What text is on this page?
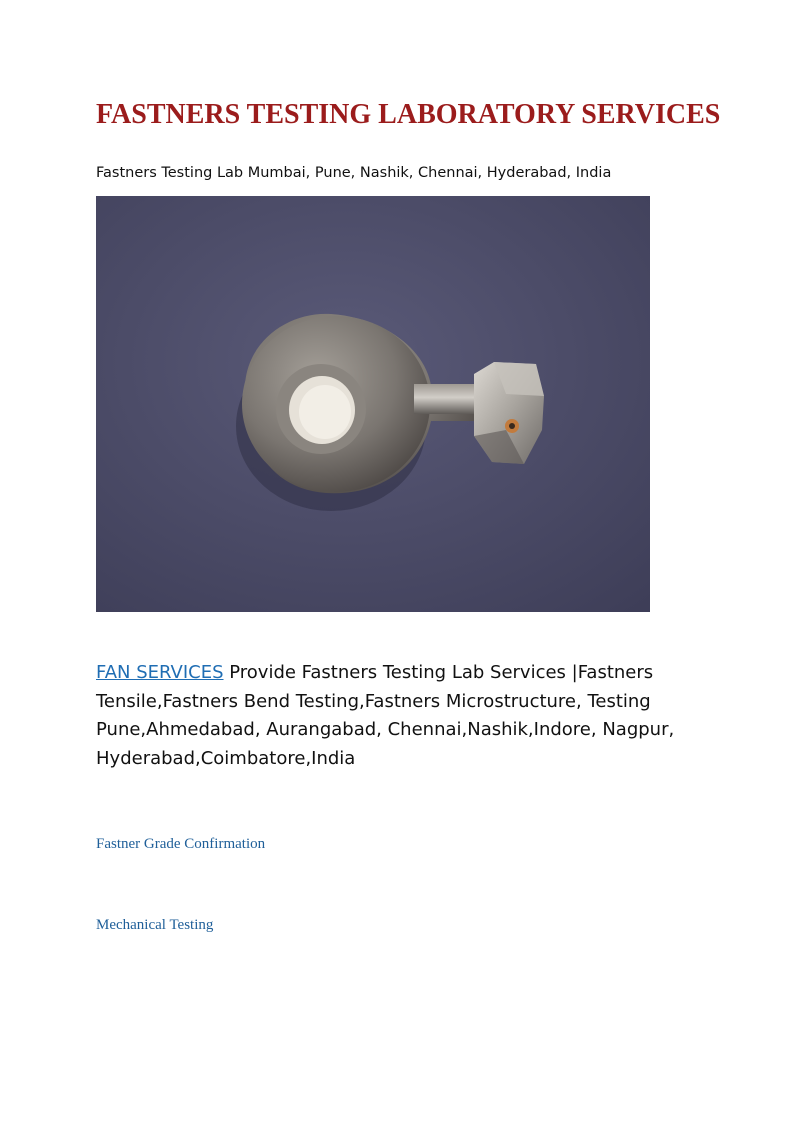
FASTNERS TESTING LABORATORY SERVICES

Fastners Testing Lab Mumbai, Pune, Nashik, Chennai, Hyderabad, India

FAN SERVICES Provide Fastners Testing Lab Services |Fastners Tensile,Fastners Bend Testing,Fastners Microstructure, Testing Pune,Ahmedabad, Aurangabad, Chennai,Nashik,Indore, Nagpur, Hyderabad,Coimbatore,India

Fastner Grade Confirmation

Mechanical Testing
